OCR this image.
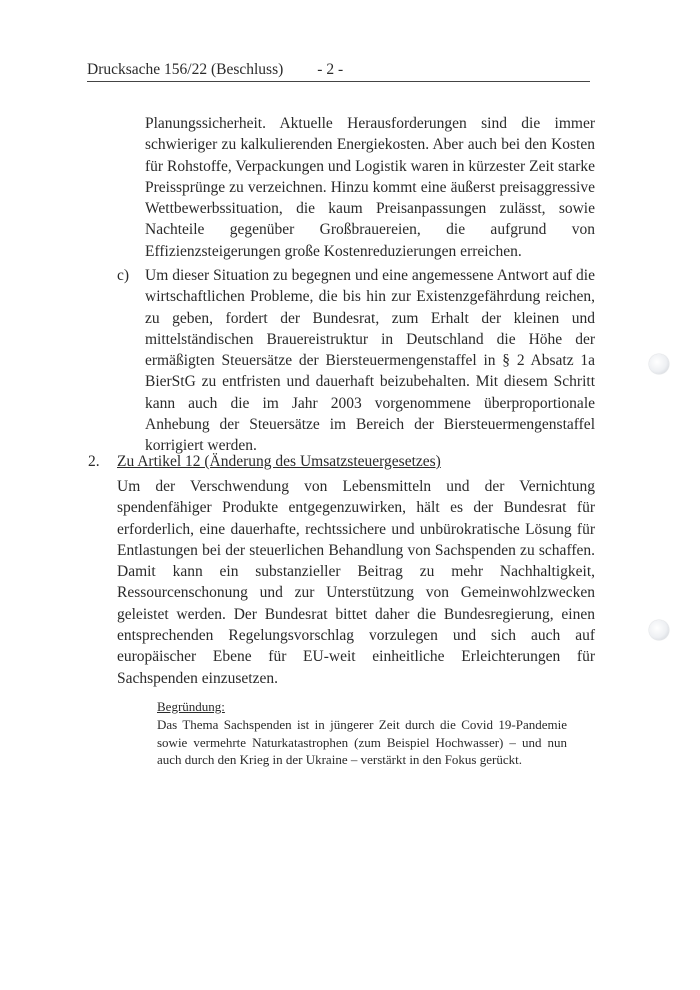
Drucksache 156/22 (Beschluss) - 2 -

Planungssicherheit. Aktuelle Herausforderungen sind die immer schwieriger zu kalkulierenden Energiekosten. Aber auch bei den Kosten für Rohstoffe, Verpackungen und Logistik waren in kürzester Zeit starke Preissprünge zu verzeichnen. Hinzu kommt eine äußerst preisaggressive Wettbewerbssituation, die kaum Preisanpassungen zulässt, sowie Nachteile gegenüber Großbrauereien, die aufgrund von Effizienzsteigerungen große Kostenreduzierungen erreichen.

c) Um dieser Situation zu begegnen und eine angemessene Antwort auf die wirtschaftlichen Probleme, die bis hin zur Existenzgefährdung reichen, zu geben, fordert der Bundesrat, zum Erhalt der kleinen und mittelständischen Brauereistruktur in Deutschland die Höhe der ermäßigten Steuersätze der Biersteuermengenstaffel in § 2 Absatz 1a BierStG zu entfristen und dauerhaft beizubehalten. Mit diesem Schritt kann auch die im Jahr 2003 vorgenommene überproportionale Anhebung der Steuersätze im Bereich der Biersteuermengenstaffel korrigiert werden.

2. Zu Artikel 12 (Änderung des Umsatzsteuergesetzes)

Um der Verschwendung von Lebensmitteln und der Vernichtung spendenfähiger Produkte entgegenzuwirken, hält es der Bundesrat für erforderlich, eine dauerhafte, rechtssichere und unbürokratische Lösung für Entlastungen bei der steuerlichen Behandlung von Sachspenden zu schaffen. Damit kann ein substanzieller Beitrag zu mehr Nachhaltigkeit, Ressourcenschonung und zur Unterstützung von Gemeinwohlzwecken geleistet werden. Der Bundesrat bittet daher die Bundesregierung, einen entsprechenden Regelungsvorschlag vorzulegen und sich auch auf europäischer Ebene für EU-weit einheitliche Erleichterungen für Sachspenden einzusetzen.

Begründung:

Das Thema Sachspenden ist in jüngerer Zeit durch die Covid 19-Pandemie sowie vermehrte Naturkatastrophen (zum Beispiel Hochwasser) – und nun auch durch den Krieg in der Ukraine – verstärkt in den Fokus gerückt.
